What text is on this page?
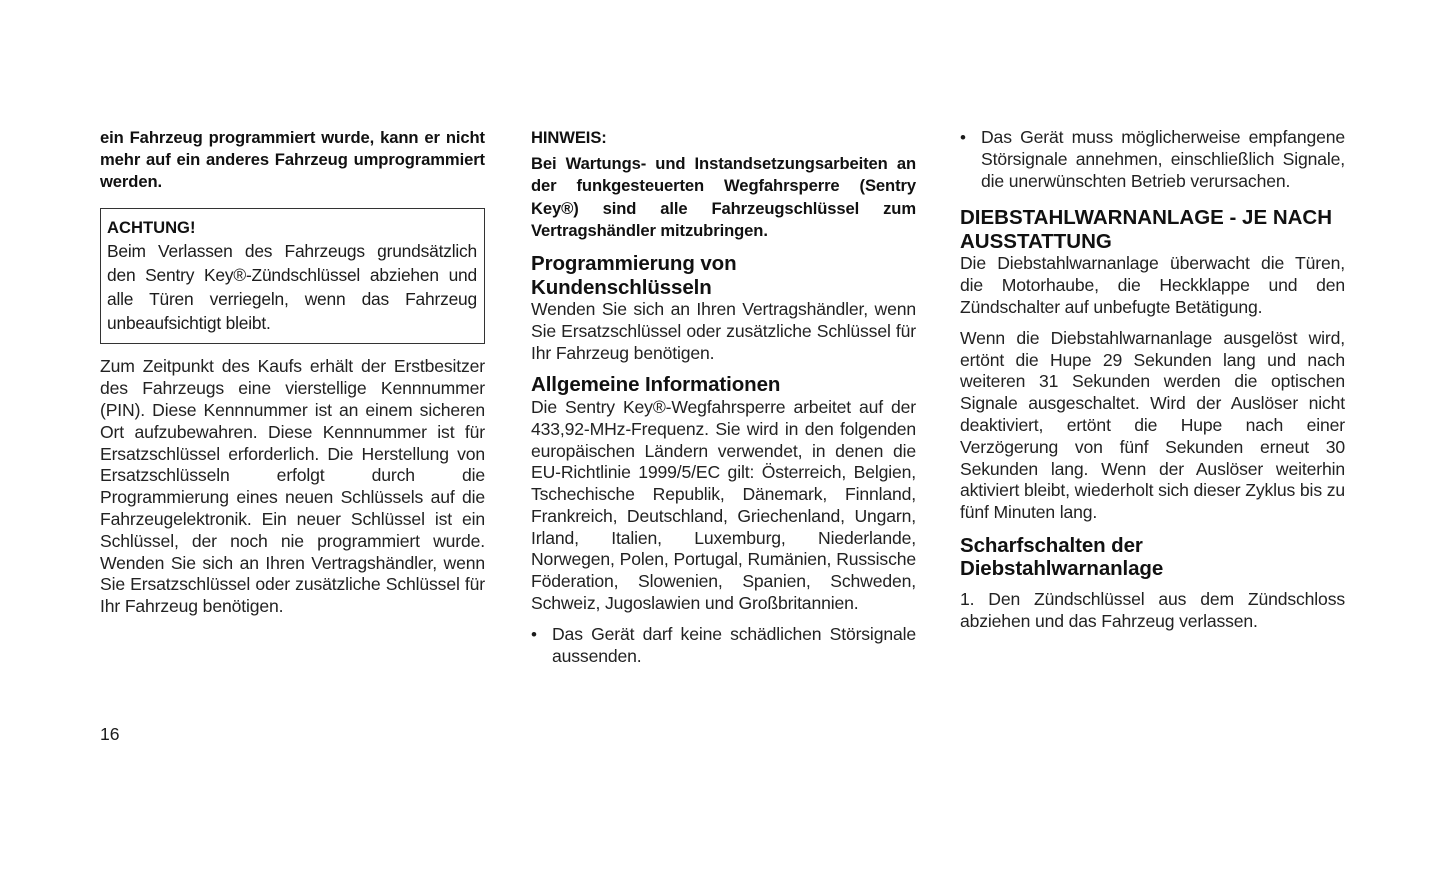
ein Fahrzeug programmiert wurde, kann er nicht mehr auf ein anderes Fahrzeug umprogrammiert werden.

ACHTUNG!

Beim Verlassen des Fahrzeugs grundsätzlich den Sentry Key®-Zündschlüssel abziehen und alle Türen verriegeln, wenn das Fahrzeug unbeaufsichtigt bleibt.

Zum Zeitpunkt des Kaufs erhält der Erstbesitzer des Fahrzeugs eine vierstellige Kennnummer (PIN). Diese Kennnummer ist an einem sicheren Ort aufzubewahren. Diese Kennnummer ist für Ersatzschlüssel erforderlich. Die Herstellung von Ersatzschlüsseln erfolgt durch die Programmierung eines neuen Schlüssels auf die Fahrzeugelektronik. Ein neuer Schlüssel ist ein Schlüssel, der noch nie programmiert wurde. Wenden Sie sich an Ihren Vertragshändler, wenn Sie Ersatzschlüssel oder zusätzliche Schlüssel für Ihr Fahrzeug benötigen.

HINWEIS:

Bei Wartungs- und Instandsetzungsarbeiten an der funkgesteuerten Wegfahrsperre (Sentry Key®) sind alle Fahrzeugschlüssel zum Vertragshändler mitzubringen.

Programmierung von Kundenschlüsseln

Wenden Sie sich an Ihren Vertragshändler, wenn Sie Ersatzschlüssel oder zusätzliche Schlüssel für Ihr Fahrzeug benötigen.

Allgemeine Informationen

Die Sentry Key®-Wegfahrsperre arbeitet auf der 433,92-MHz-Frequenz. Sie wird in den folgenden europäischen Ländern verwendet, in denen die EU-Richtlinie 1999/5/EC gilt: Österreich, Belgien, Tschechische Republik, Dänemark, Finnland, Frankreich, Deutschland, Griechenland, Ungarn, Irland, Italien, Luxemburg, Niederlande, Norwegen, Polen, Portugal, Rumänien, Russische Föderation, Slowenien, Spanien, Schweden, Schweiz, Jugoslawien und Großbritannien.

• Das Gerät darf keine schädlichen Störsignale aussenden.

• Das Gerät muss möglicherweise empfangene Störsignale annehmen, einschließlich Signale, die unerwünschten Betrieb verursachen.

DIEBSTAHLWARNANLAGE - JE NACH AUSSTATTUNG

Die Diebstahlwarnanlage überwacht die Türen, die Motorhaube, die Heckklappe und den Zündschalter auf unbefugte Betätigung.

Wenn die Diebstahlwarnanlage ausgelöst wird, ertönt die Hupe 29 Sekunden lang und nach weiteren 31 Sekunden werden die optischen Signale ausgeschaltet. Wird der Auslöser nicht deaktiviert, ertönt die Hupe nach einer Verzögerung von fünf Sekunden erneut 30 Sekunden lang. Wenn der Auslöser weiterhin aktiviert bleibt, wiederholt sich dieser Zyklus bis zu fünf Minuten lang.

Scharfschalten der Diebstahlwarnanlage

1. Den Zündschlüssel aus dem Zündschloss abziehen und das Fahrzeug verlassen.

16
